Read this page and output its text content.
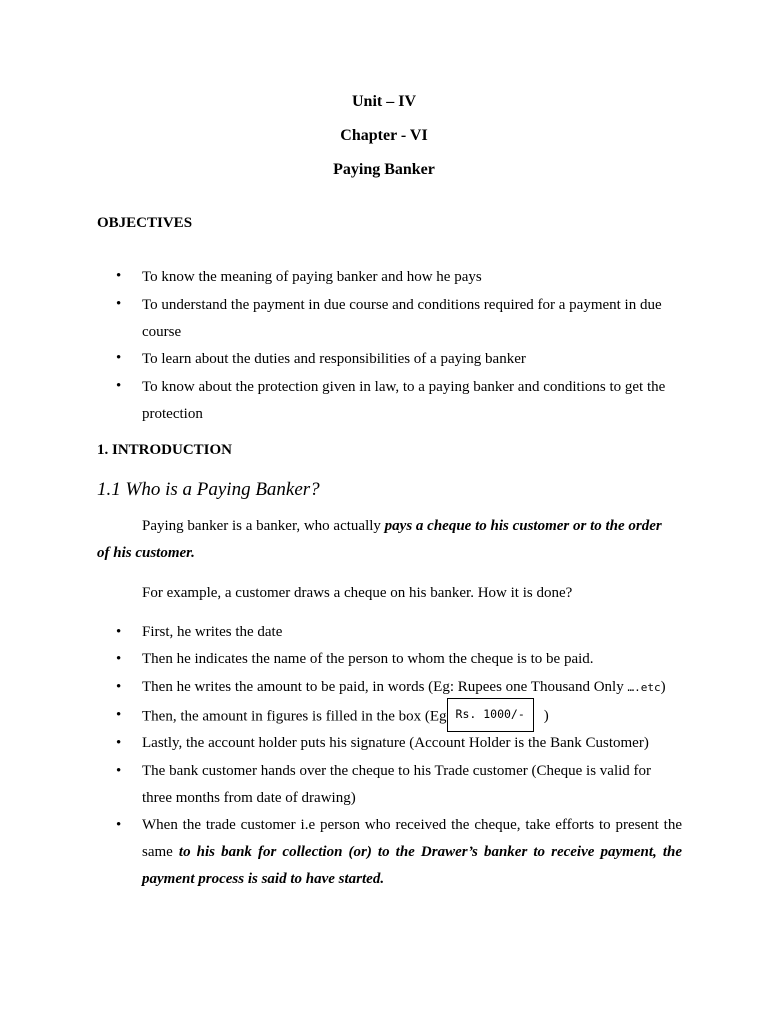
Unit – IV
Chapter - VI
Paying Banker
OBJECTIVES
• To know the meaning of paying banker and how he pays
• To understand the payment in due course and conditions required for a payment in due course
• To learn about the duties and responsibilities of a paying banker
• To know about the protection given in law, to a paying banker and conditions to get the protection
1. INTRODUCTION
1.1 Who is a Paying Banker?
Paying banker is a banker, who actually pays a cheque to his customer or to the order of his customer.
For example, a customer draws a cheque on his banker. How it is done?
• First, he writes the date
• Then he indicates the name of the person to whom the cheque is to be paid.
• Then he writes the amount to be paid, in words (Eg: Rupees one Thousand Only ….etc)
• Then, the amount in figures is filled in the box (Eg Rs. 1000/- )
• Lastly, the account holder puts his signature (Account Holder is the Bank Customer)
• The bank customer hands over the cheque to his Trade customer (Cheque is valid for three months from date of drawing)
• When the trade customer i.e person who received the cheque, take efforts to present the same to his bank for collection (or) to the Drawer’s banker to receive payment, the payment process is said to have started.
